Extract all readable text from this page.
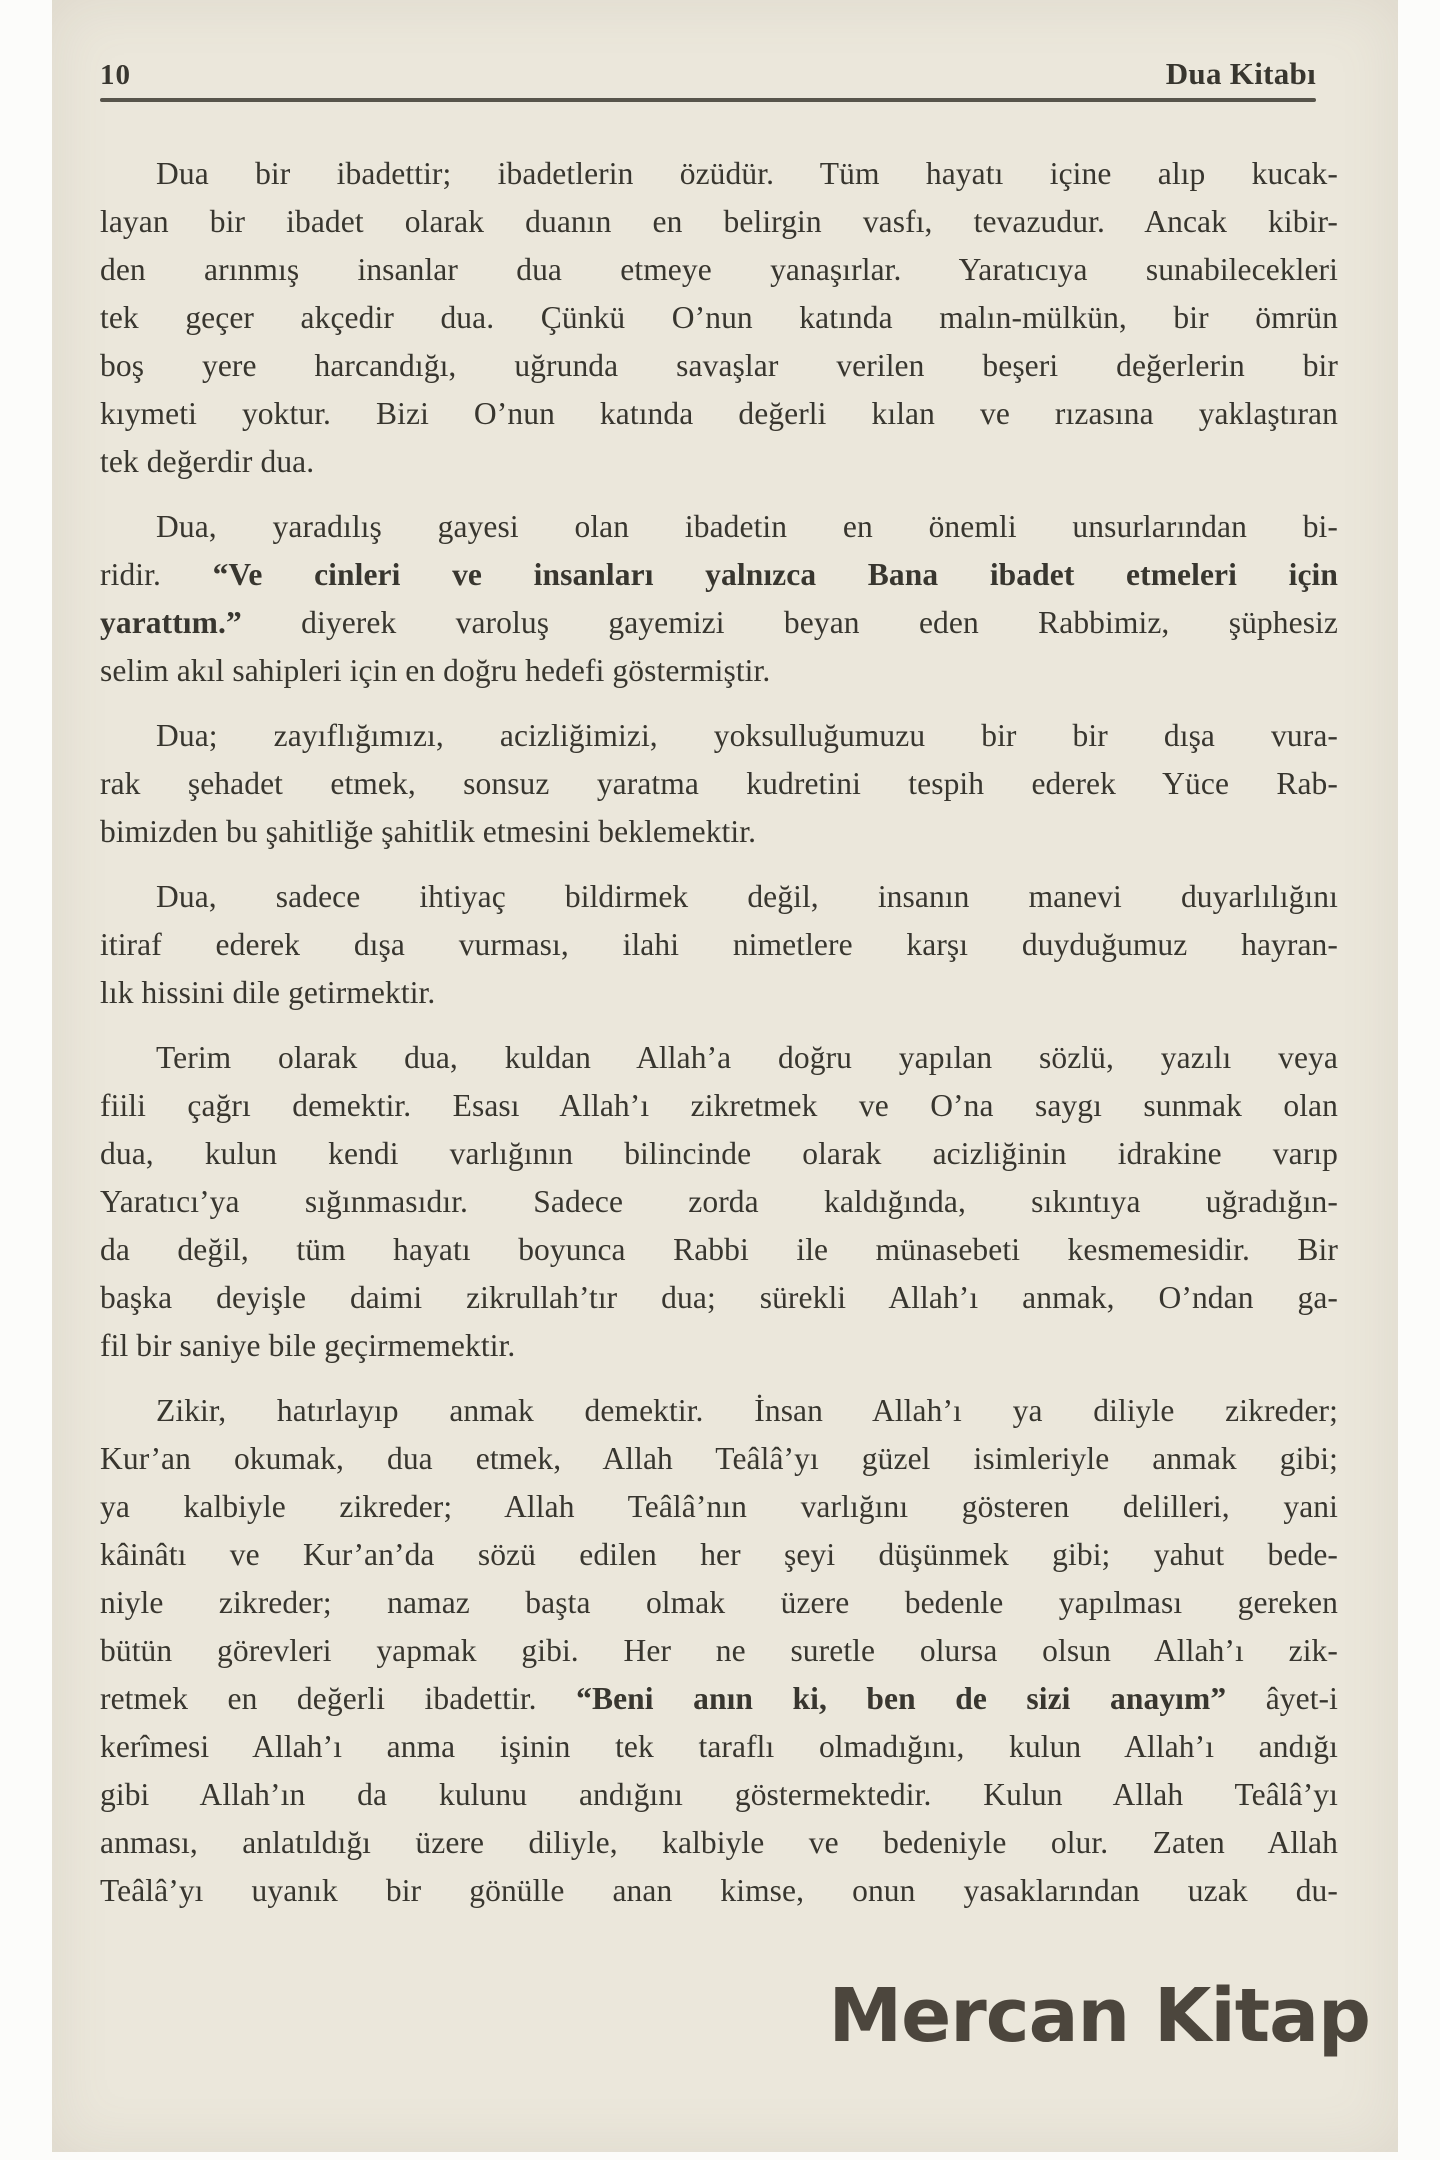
10	Dua Kitabı
Dua bir ibadettir; ibadetlerin özüdür. Tüm hayatı içine alıp kucak-
layan bir ibadet olarak duanın en belirgin vasfı, tevazudur. Ancak kibir-
den arınmış insanlar dua etmeye yanaşırlar. Yaratıcıya sunabilecekleri
tek geçer akçedir dua. Çünkü O’nun katında malın-mülkün, bir ömrün
boş yere harcandığı, uğrunda savaşlar verilen beşeri değerlerin bir
kıymeti yoktur. Bizi O’nun katında değerli kılan ve rızasına yaklaştıran
tek değerdir dua.
Dua, yaradılış gayesi olan ibadetin en önemli unsurlarından bi-
ridir. “Ve cinleri ve insanları yalnızca Bana ibadet etmeleri için
yarattım.” diyerek varoluş gayemizi beyan eden Rabbimiz, şüphesiz
selim akıl sahipleri için en doğru hedefi göstermiştir.
Dua; zayıflığımızı, acizliğimizi, yoksulluğumuzu bir bir dışa vura-
rak şehadet etmek, sonsuz yaratma kudretini tespih ederek Yüce Rab-
bimizden bu şahitliğe şahitlik etmesini beklemektir.
Dua, sadece ihtiyaç bildirmek değil, insanın manevi duyarlılığını
itiraf ederek dışa vurması, ilahi nimetlere karşı duyduğumuz hayran-
lık hissini dile getirmektir.
Terim olarak dua, kuldan Allah’a doğru yapılan sözlü, yazılı veya
fiili çağrı demektir. Esası Allah’ı zikretmek ve O’na saygı sunmak olan
dua, kulun kendi varlığının bilincinde olarak acizliğinin idrakine varıp
Yaratıcı’ya sığınmasıdır. Sadece zorda kaldığında, sıkıntıya uğradığın-
da değil, tüm hayatı boyunca Rabbi ile münasebeti kesmemesidir. Bir
başka deyişle daimi zikrullah’tır dua; sürekli Allah’ı anmak, O’ndan ga-
fil bir saniye bile geçirmemektir.
Zikir, hatırlayıp anmak demektir. İnsan Allah’ı ya diliyle zikreder;
Kur’an okumak, dua etmek, Allah Teâlâ’yı güzel isimleriyle anmak gibi;
ya kalbiyle zikreder; Allah Teâlâ’nın varlığını gösteren delilleri, yani
kâinâtı ve Kur’an’da sözü edilen her şeyi düşünmek gibi; yahut bede-
niyle zikreder; namaz başta olmak üzere bedenle yapılması gereken
bütün görevleri yapmak gibi. Her ne suretle olursa olsun Allah’ı zik-
retmek en değerli ibadettir. “Beni anın ki, ben de sizi anayım” âyet-i
kerîmesi Allah’ı anma işinin tek taraflı olmadığını, kulun Allah’ı andığı
gibi Allah’ın da kulunu andığını göstermektedir. Kulun Allah Teâlâ’yı
anması, anlatıldığı üzere diliyle, kalbiyle ve bedeniyle olur. Zaten Allah
Teâlâ’yı uyanık bir gönülle anan kimse, onun yasaklarından uzak du-
Mercan Kitap
